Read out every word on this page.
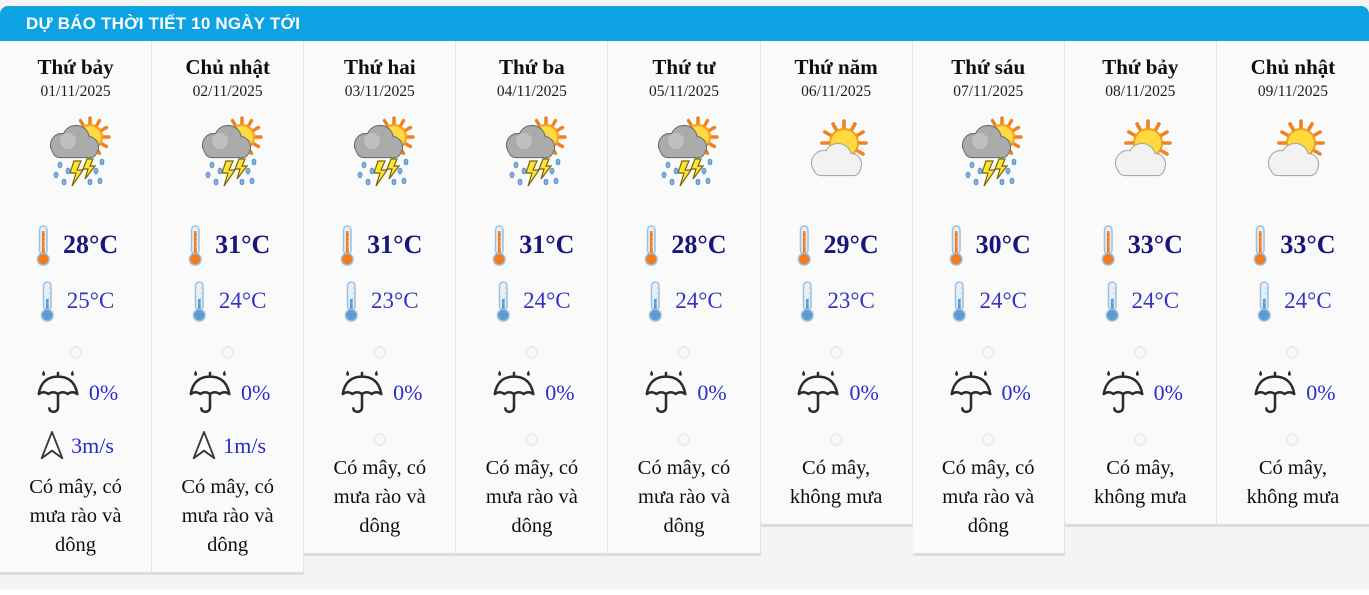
DỰ BÁO THỜI TIẾT 10 NGÀY TỚI
Thứ bảy
01/11/2025
28°C
25°C
0%
3m/s
Có mây, có mưa rào và dông
Chủ nhật
02/11/2025
31°C
24°C
0%
1m/s
Có mây, có mưa rào và dông
Thứ hai
03/11/2025
31°C
23°C
0%
Có mây, có mưa rào và dông
Thứ ba
04/11/2025
31°C
24°C
0%
Có mây, có mưa rào và dông
Thứ tư
05/11/2025
28°C
24°C
0%
Có mây, có mưa rào và dông
Thứ năm
06/11/2025
29°C
23°C
0%
Có mây, không mưa
Thứ sáu
07/11/2025
30°C
24°C
0%
Có mây, có mưa rào và dông
Thứ bảy
08/11/2025
33°C
24°C
0%
Có mây, không mưa
Chủ nhật
09/11/2025
33°C
24°C
0%
Có mây, không mưa
